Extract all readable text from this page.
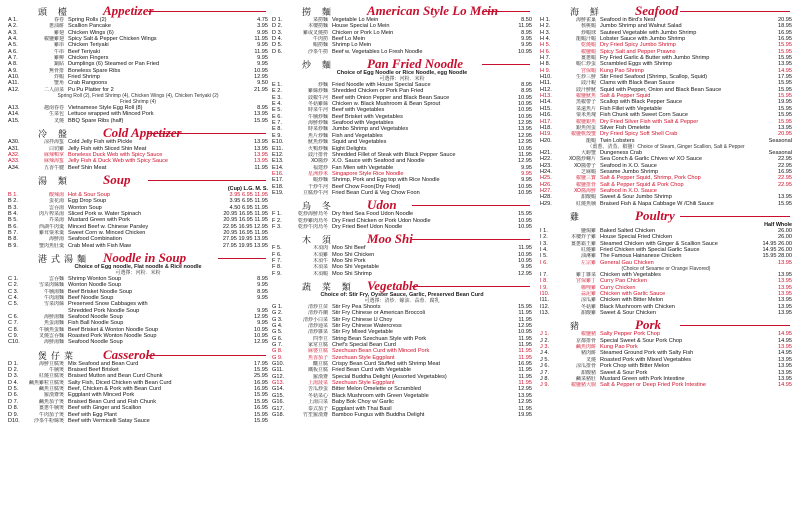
頭 檯 Appetizer
A 1.	春卷 Spring Rolls (2)	4.75
A 2.	蔥油餅 Scallion Pancake	3.95
A 3.	雞翅 Chicken Wings (6)	9.95
A 4.	椒鹽雞翅 Spicy Salt & Pepper Chicken Wings	11.95
A 5.	雞串 Chicken Teriyaki	9.95
A 6.	牛串 Beef Teriyaki	11.95
A 7.	雞柳 Chicken Fingers	9.95
A 8.	鍋貼 Dumplings (6) Steamed or Pan Fried	9.95
A 9.	無骨排 Boneless Spare Ribs	10.95
A10.	炸蝦 Fried Shrimp	12.95
A11.	蟹角 Crab Rangoons	9.50
A12.	二人前菜 Pu Pu Platter for 2	21.95
Spring Roll (2), Fried Shrimp (4), Chicken Wings (4), Chicken Teriyaki (2)
Fried Shrimp (4)
A13.	越南春卷 Vietnamese Style Egg Roll (8)	8.95
A14.	生菜包 Lettuce wrapped with Minced Pork	13.95
A15.	叉燒 BBQ Spare Ribs (half)	15.95
冷 盤 Cold Appetizer
A30.	涼拌海蜇 Cold Jelly Fish with Pickle	13.95
A31.	白切雞 Jelly Fish with Sliced Shin Meat	13.95
A32.	麻辣鴨掌 Boneless Duck Web with Spicy Sauce	13.95
A33.	麻辣海蜇 Jelly Fish & Duck Web with Spicy Sauce	13.95
A34.	五香牛腱 Beef Shin Meat	11.95
湯 類 Soup
(Cup) L.G. M. S.
B 1.	酸辣湯 Hot & Sour Soup	3.95 6.95 11.95
B 2.	蛋花湯 Egg Drop Soup	3.95 6.95 11.95
B 3.	雲吞湯 Wonton Soup	4.50 6.95 11.95
B 4.	肉片榨菜湯 Sliced Pork w. Water Spinach	20.95 16.95 11.95
B 5.	芥菜湯 Mustard Green with Pork	20.95 16.95 11.95
B 6.	西湖牛肉羹 Minced Beef w. Chinese Parsley	22.95 16.95 12.95
B 7.	雞茸粟米羹 Sweet Corn w. Minced Chicken	20.95 16.95 11.95
B 8.	海鮮湯 Seafood Combination	27.95 19.95 13.95
B 9.	蟹肉魚肚羹 Crab Meat with Fish Maw	27.95 19.95 13.95
港式湯麵 Noodle in Soup
Choice of Egg noodle, Flat noodle & Rice noodle
可選擇：河粉．米粉
C 1.	雲吞麵 Shrimp Wonton Soup	8.95
C 2.	雪菜肉絲麵 Wonton Noodle Soup	9.95
C 3.	牛腩湯麵 Beef Brisket Noodle Soup	8.95
C 4.	牛肉湯麵 Beef Noodle Soup	9.95
C 5.	雪菜肉絲 Preserved Snow Cabbages with
Shredded Pork Noodle Soup	9.95
C 6.	海鮮湯麵 Seafood Noodle Soup	12.95
C 7.	魚蛋湯麵 Fish Ball Noodle Soup	9.95
C 8.	牛腩魚蛋麵 Beef Brisket & Wonton Noodle Soup	10.95
C 9.	叉燒雲吞麵 Roasted Pork Wonton Noodle Soup	10.95
C10.	海鮮湯麵 Seafood Noodle Soup	12.95
煲仔菜 Casserole
D 1.	海鮮豆腐煲 Mix Seafood and Bean Curd	17.95
D 2.	牛腩煲 Braised Beef Brisket	15.95
D 3.	紅燒豆腐煲 Braised Mutton and Bean Curd Chunk	25.95
D 4.	鹹魚雞粒豆腐煲 Salty Fish, Diced Chicken with Bean Curd	16.95
D 5.	鹹魚豆腐煲 Beef, Chicken & Pork with Bean Curd	16.95
D 6.	羅漢齋煲 Eggplant with Minced Pork	15.95
D 7.	鹹魚茄子煲 Braised Bean Curd and Fish Chunk	15.95
D 8.	薑蔥牛腩煲 Beef with Ginger and Scallion	16.95
D 9.	牛肉茄子煲 Beef with Egg Plant	15.95
D10.	沙茶牛粉絲煲 Beef with Vermicelli Satay Sauce	15.95
撈 麵 American Style Lo Mein
D 1.	菜撈麵 Vegetable Lo Mein	8.50
D 2.	本樓撈麵 House Special Lo Mein	11.95
D 3.	雞或叉燒撈 Chicken or Pork Lo Mein	8.95
D 4.	牛肉撈 Beef Lo Mein	9.95
D 5.	蝦撈麵 Shrimp Lo Mein	9.95
D 6.	沙茶牛撈 Beef w. Vegetables Lo Fresh Noodle	10.95
炒 麵 Pan Fried Noodle
Choice of Egg Noodle or Rice Noodle, egg Noodle
可選擇：河粉．米粉
E 1.	炒麵 Fried Noodle with House Special Sauce	8.95
E 2.	雞絲炒麵 Shredded Chicken or Pork Pan Fried	8.95
E 3.	豉椒牛河 Beef with Onion Pepper and Black Bean Sauce	10.95
E 4.	冬菇雞絲 Chicken w. Black Mushroom & Bean Sprout	10.95
E 5.	時菜牛河 Beef with Vegetables	10.95
E 6.	牛腩炒麵 Beef Brisket with Vegetables	10.95
E 7.	海鮮炒麵 Seafood with Vegetables	12.95
E 8.	時菜炒麵 Jumbo Shrimp and Vegetables	13.95
E 9.	魚片炒麵 Fish and Vegetables	12.95
E10.	魷魚炒麵 Squid and Vegetables	12.95
E11.	火鴨炒麵 Eight Delights	10.95
E12.	豉汁排骨 Shredded Fillet of Steak with Black Pepper Sauce	11.95
E13.	XO醬炒 X.O. Sauce with Seafood and Noodle	12.95
E14.	福建炒 Fan Mien with Vegetable	9.95
E16.	星洲炒米 Singapore Style Rice Noodle	9.95
E17.	蝦炒麵 Shrimp, Pork and Egg top with Rice Noodle	9.95
E18.	干炒牛河 Beef Chow Foon(Dry Fried)	10.95
E19.	豆腐炒牛河 Fried Bean Curd & Veg Chow Foon	10.95
烏 冬 Udon
F 1.	乾炒海鮮烏冬 Dry fried Sea Food Udon Noodle	15.95
F 2.	乾炒雞肉烏冬 Dry Fried Chicken or Pork Udon Noodle	10.95
F 3.	乾炒牛肉烏冬 Dry Fried Beef Udon Noodle	10.95
木 須 Moo Shi
F 5.	木須肉 Moo Shi Beef	11.95
F 6.	木須雞 Moo Shi Chicken	10.95
F 7.	木須牛 Moo Shi Pork	10.95
F 8.	木須菜 Moo Shi Vegetable	9.95
F 9.	木須蝦 Moo Shi Shrimp	12.95
蔬 菜 類 Vegetable
Choice of: Stir Fry, Oyster Sauce, Garlic, Preserved Bean Curd
可選擇：清炒．蠔油．蒜蓉．腐乳
G 1.	清炒豆苗 Stir Fry Pea Shoots	15.95
G 2.	清炒芥蘭 Stir Fry Chinese or American Broccoli	11.95
G 3.	清炒小白菜 Stir Fry Chinese U Choy	11.95
G 4.	清炒通菜 Stir Fry Chinese Watercress	12.95
G 5.	清炒雜菜 Stir Fry Mixed Vegetable	10.95
G 6.	四季豆 String Bean Szechuan Style with Pork	11.95
G 7.	家常豆腐 Chef's Special Bean Curd	11.95
G 8.	麻婆豆腐 Szechuan Bean Curd with Minced Pork	11.95
G 9.	魚香茄子 Szechuan Style Eggplant	11.95
G10.	釀豆腐 Crispy Bean Curd Stuffed with Shrimp Meat	16.95
G11.	鐵板豆腐 Fried Bean Curd with Vegetable	11.95
G12.	羅漢齋 Special Buddha Delight (Assorted Vegetables)	11.95
G13.	上湯菠菜 Szechuan Style Eggplant	11.95
G14.	苦瓜炒蛋 Bitter Melon Omelette or Scrambled	12.95
G15.	冬菇菜心 Black Mushroom with Green Vegetable	13.95
G16.	上湯白菜 Baby Bok Choy w/ Garlic	12.95
G17.	泰式茄子 Eggplant with Thai Basil	11.95
G18.	竹笙羅漢齋 Bamboo Fungus with Buddha Delight	19.95
海 鮮 Seafood
H 1.	海鮮雀巢 Seafood in Bird's Nest	20.95
H 2.	核桃蝦 Jumbo Shrimp and Walnut Salad	18.95
H 3.	炒蝦球 Sauteed Vegetable with Jumbo Shrimp	16.95
H 4.	龍蝦汁蝦 Lobster Sauce with Jumbo Shrimp	16.95
H 5.	乾燒蝦 Dry Fried Spicy Jumbo Shrimp	15.95
H 6.	椒鹽蝦 Spicy Salt and Pepper Prawns	15.95
H 7.	薑蔥蝦 Fry Fried Garlic & Butter with Jumbo Shrimp	15.95
H 8.	蝦仁炒蛋 Scrambled Eggs with Shrimp	13.95
H 9.	宮保蝦 Kung Pao Shrimp	14.95
H10.	生炒三鮮 Stir Fried Seafood (Shrimp, Scallop, Squid)	17.95
H11.	豉汁蜆 Clams with Black Bean Sauce	15.95
H12.	豉汁鮮魷 Squid with Pepper, Onion and Black Bean Sauce	15.95
H13.	椒鹽魷魚 Salt & Pepper Squid	15.95
H14.	黑椒帶子 Scallop with Black Pepper Sauce	19.95
H15.	菜遠魚片 Fish Fillet with Vegetable	15.95
H16.	粟米魚塊 Fish Chunk with Sweet Corn Sauce	15.95
H17.	椒鹽銀魚 Dry Fried Silver Fish with Salt & Pepper	15.95
H18.	銀魚煎蛋 Silver Fish Omelette	13.95
H19.	椒鹽軟殼蟹 Dry Fried Spicy Soft Shell Crab	20.95
H20.	龍蝦 Twin Lobsters	Seasonal
（薑蔥、清蒸、椒鹽）Choice of Steam, Ginger Scallion, Salt & Pepper
H21.	大螃蟹 Dungeness Crab	Seasonal
H22.	XO醬炒螺片 Sea Conch & Garlic Chives w/ XO Sauce	22.95
H23.	XO醬帶子 Seafood in X.O. Sauce	22.95
H24.	芝麻蝦 Sesame Jumbo Shrimp	16.95
H25.	椒鹽三寶 Salt & Pepper Squid, Shrimp, Pork Chop	22.95
H26.	椒鹽排骨 Salt & Pepper Squid & Pork Chop	22.95
H27.	XO醬海鮮 Seafood in X.O. Sauce
H28.	甜酸蝦 Sweet & Sour Jumbo Shrimp	13.95
H29.	紅燒魚腩 Braised Fish & Napa Cabbage W /Chili Sauce	15.95
雞	Poultry
Half Whole
I 1.	鹽焗雞 Baked Salted Chicken	26.00
I 2.	本樓炸子雞 House Special Fried Chicken	26.00
I 3.	薑蔥霸王雞 Steamed Chicken with Ginger & Scallion Sauce	14.95 26.00
I 4.	紅燒雞 Fried Chicken with Special Garlic Sauce	14.95 26.00
I 5.	油淋雞 The Famous Hainanese Chicken	15.95 28.00
I 6.	左宗雞 General Gau Chicken	13.95
(Choice of Sesame or Orange Flavored)
I 7.	雞丁雜菜 Chicken with Vegetables	13.95
I 8.	宮保雞丁 Curry Pao Chicken	13.95
I 9.	咖哩雞 Curry Chicken	13.95
I10.	蒜泥雞 Chicken with Garlic Sauce	13.95
I11.	涼瓜雞 Chicken with Bitter Melon	13.95
I12.	冬菇雞 Black Mushroom with Chicken	13.95
I13.	甜酸雞 Sweet & Sour Chicken	13.95
豬	Pork
J 1.	椒鹽豬 Salty Pepper Pork Chop	14.95
J 2.	京都排骨 Special Sweet & Sour Pork Chop	14.95
J 3.	鹹魚肉餅 Kung Pao Pork	13.95
J 4.	豬肉餅 Steamed Ground Pork with Salty Fish	14.95
J 5.	叉燒 Roasted Pork with Mixed Vegetables	13.95
J 6.	涼瓜排骨 Pork Chop with Bitter Melon	13.95
J 7.	甜酸豬 Sweet & Sour Pork	13.95
J 8.	鹹菜豬肚 Mustard Green with Pork Intestine	13.95
J 9.	椒鹽豬大腸 Salt & Pepper or Deep Fried Pork Intestine	14.95
